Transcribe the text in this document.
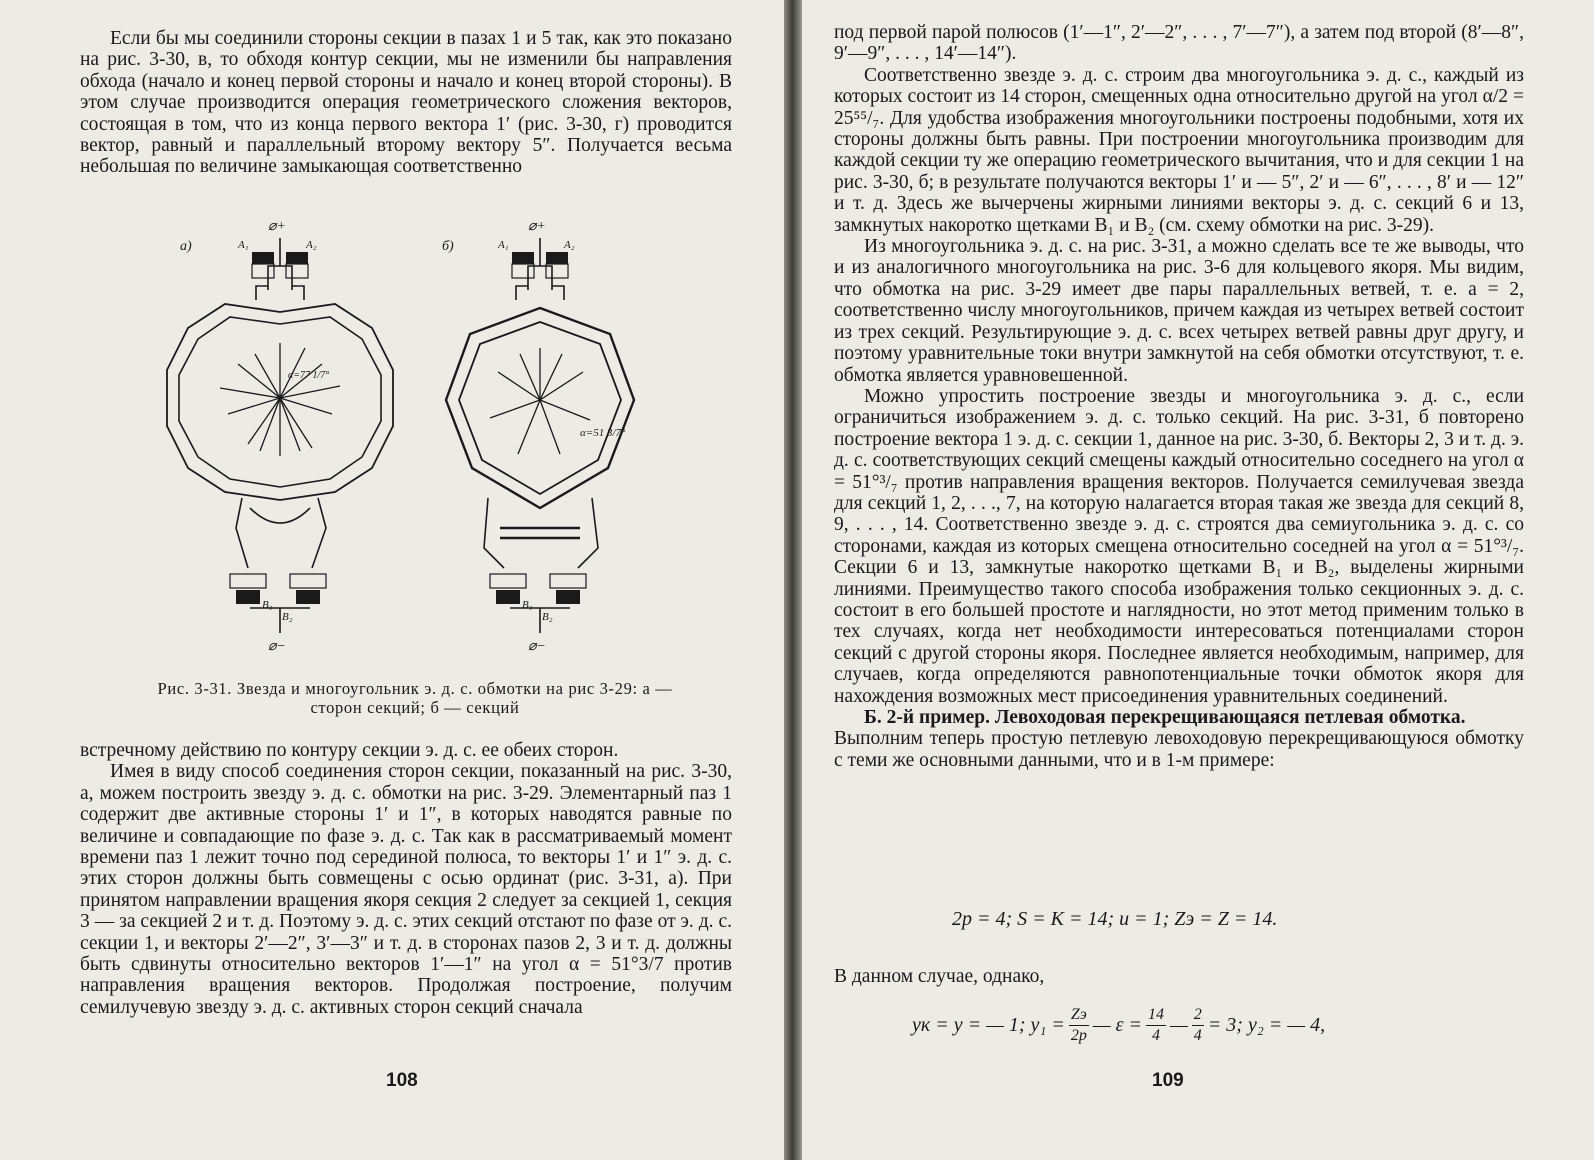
Если бы мы соединили стороны секции в пазах 1 и 5 так, как это показано на рис. 3-30, в, то обходя контур секции, мы не изменили бы направления обхода (начало и конец первой стороны и начало и конец второй стороны). В этом случае производится операция геометрического сложения векторов, состоящая в том, что из конца первого вектора 1′ (рис. 3-30, г) проводится вектор, равный и параллельный второму вектору 5″. Получается весьма небольшая по величине замыкающая соответственно

а)	б)
⌀+	⌀+
A₁	A₂	A₁	A₂
B₁
B₂
B₁
B₂
⌀−	⌀−
α=77 1/7°
α=51 3/7°
Рис. 3-31. Звезда и многоугольник э. д. с. обмотки на рис 3-29: а — сторон секций; б — секций

встречному действию по контуру секции э. д. с. ее обеих сторон.

Имея в виду способ соединения сторон секции, показанный на рис. 3-30, а, можем построить звезду э. д. с. обмотки на рис. 3-29. Элементарный паз 1 содержит две активные стороны 1′ и 1″, в которых наводятся равные по величине и совпадающие по фазе э. д. с. Так как в рассматриваемый момент времени паз 1 лежит точно под серединой полюса, то векторы 1′ и 1″ э. д. с. этих сторон должны быть совмещены с осью ординат (рис. 3-31, а). При принятом направлении вращения якоря секция 2 следует за секцией 1, секция 3 — за секцией 2 и т. д. Поэтому э. д. с. этих секций отстают по фазе от э. д. с. секции 1, и векторы 2′—2″, 3′—3″ и т. д. в сторонах пазов 2, 3 и т. д. должны быть сдвинуты относительно векторов 1′—1″ на угол α = 51°3/7 против направления вращения векторов. Продолжая построение, получим семилучевую звезду э. д. с. активных сторон секций сначала

108

под первой парой полюсов (1′—1″, 2′—2″, . . . , 7′—7″), а затем под второй (8′—8″, 9′—9″, . . . , 14′—14″).

Соответственно звезде э. д. с. строим два многоугольника э. д. с., каждый из которых состоит из 14 сторон, смещенных одна относительно другой на угол α/2 = 25⁵⁵/₇. Для удобства изображения многоугольники построены подобными, хотя их стороны должны быть равны. При построении многоугольника производим для каждой секции ту же операцию геометрического вычитания, что и для секции 1 на рис. 3-30, б; в результате получаются векторы 1′ и — 5″, 2′ и — 6″, . . . , 8′ и — 12″ и т. д. Здесь же вычерчены жирными линиями векторы э. д. с. секций 6 и 13, замкнутых накоротко щетками B₁ и B₂ (см. схему обмотки на рис. 3-29).

Из многоугольника э. д. с. на рис. 3-31, а можно сделать все те же выводы, что и из аналогичного многоугольника на рис. 3-6 для кольцевого якоря. Мы видим, что обмотка на рис. 3-29 имеет две пары параллельных ветвей, т. е. a = 2, соответственно числу многоугольников, причем каждая из четырех ветвей состоит из трех секций. Результирующие э. д. с. всех четырех ветвей равны друг другу, и поэтому уравнительные токи внутри замкнутой на себя обмотки отсутствуют, т. е. обмотка является уравновешенной.

Можно упростить построение звезды и многоугольника э. д. с., если ограничиться изображением э. д. с. только секций. На рис. 3-31, б повторено построение вектора 1 э. д. с. секции 1, данное на рис. 3-30, б. Векторы 2, 3 и т. д. э. д. с. соответствующих секций смещены каждый относительно соседнего на угол α = 51°³/₇ против направления вращения векторов. Получается семилучевая звезда для секций 1, 2, . . ., 7, на которую налагается вторая такая же звезда для секций 8, 9, . . . , 14. Соответственно звезде э. д. с. строятся два семиугольника э. д. с. со сторонами, каждая из которых смещена относительно соседней на угол α = 51°³/₇. Секции 6 и 13, замкнутые накоротко щетками B₁ и B₂, выделены жирными линиями. Преимущество такого способа изображения только секционных э. д. с. состоит в его большей простоте и наглядности, но этот метод применим только в тех случаях, когда нет необходимости интересоваться потенциалами сторон секций с другой стороны якоря. Последнее является необходимым, например, для случаев, когда определяются равнопотенциальные точки обмоток якоря для нахождения возможных мест присоединения уравнительных соединений.

Б. 2-й пример. Левоходовая перекрещивающаяся петлевая обмотка.

Выполним теперь простую петлевую левоходовую перекрещивающуюся обмотку с теми же основными данными, что и в 1-м примере:

2p = 4; S = K = 14; u = 1; Zэ = Z = 14.

В данном случае, однако,

yк = y = — 1; $y_1 = \frac{Zэ}{2p}$ — $\varepsilon = \frac{14}{4}$ — $\frac{2}{4} = 3$; y₂ = — 4,
109
